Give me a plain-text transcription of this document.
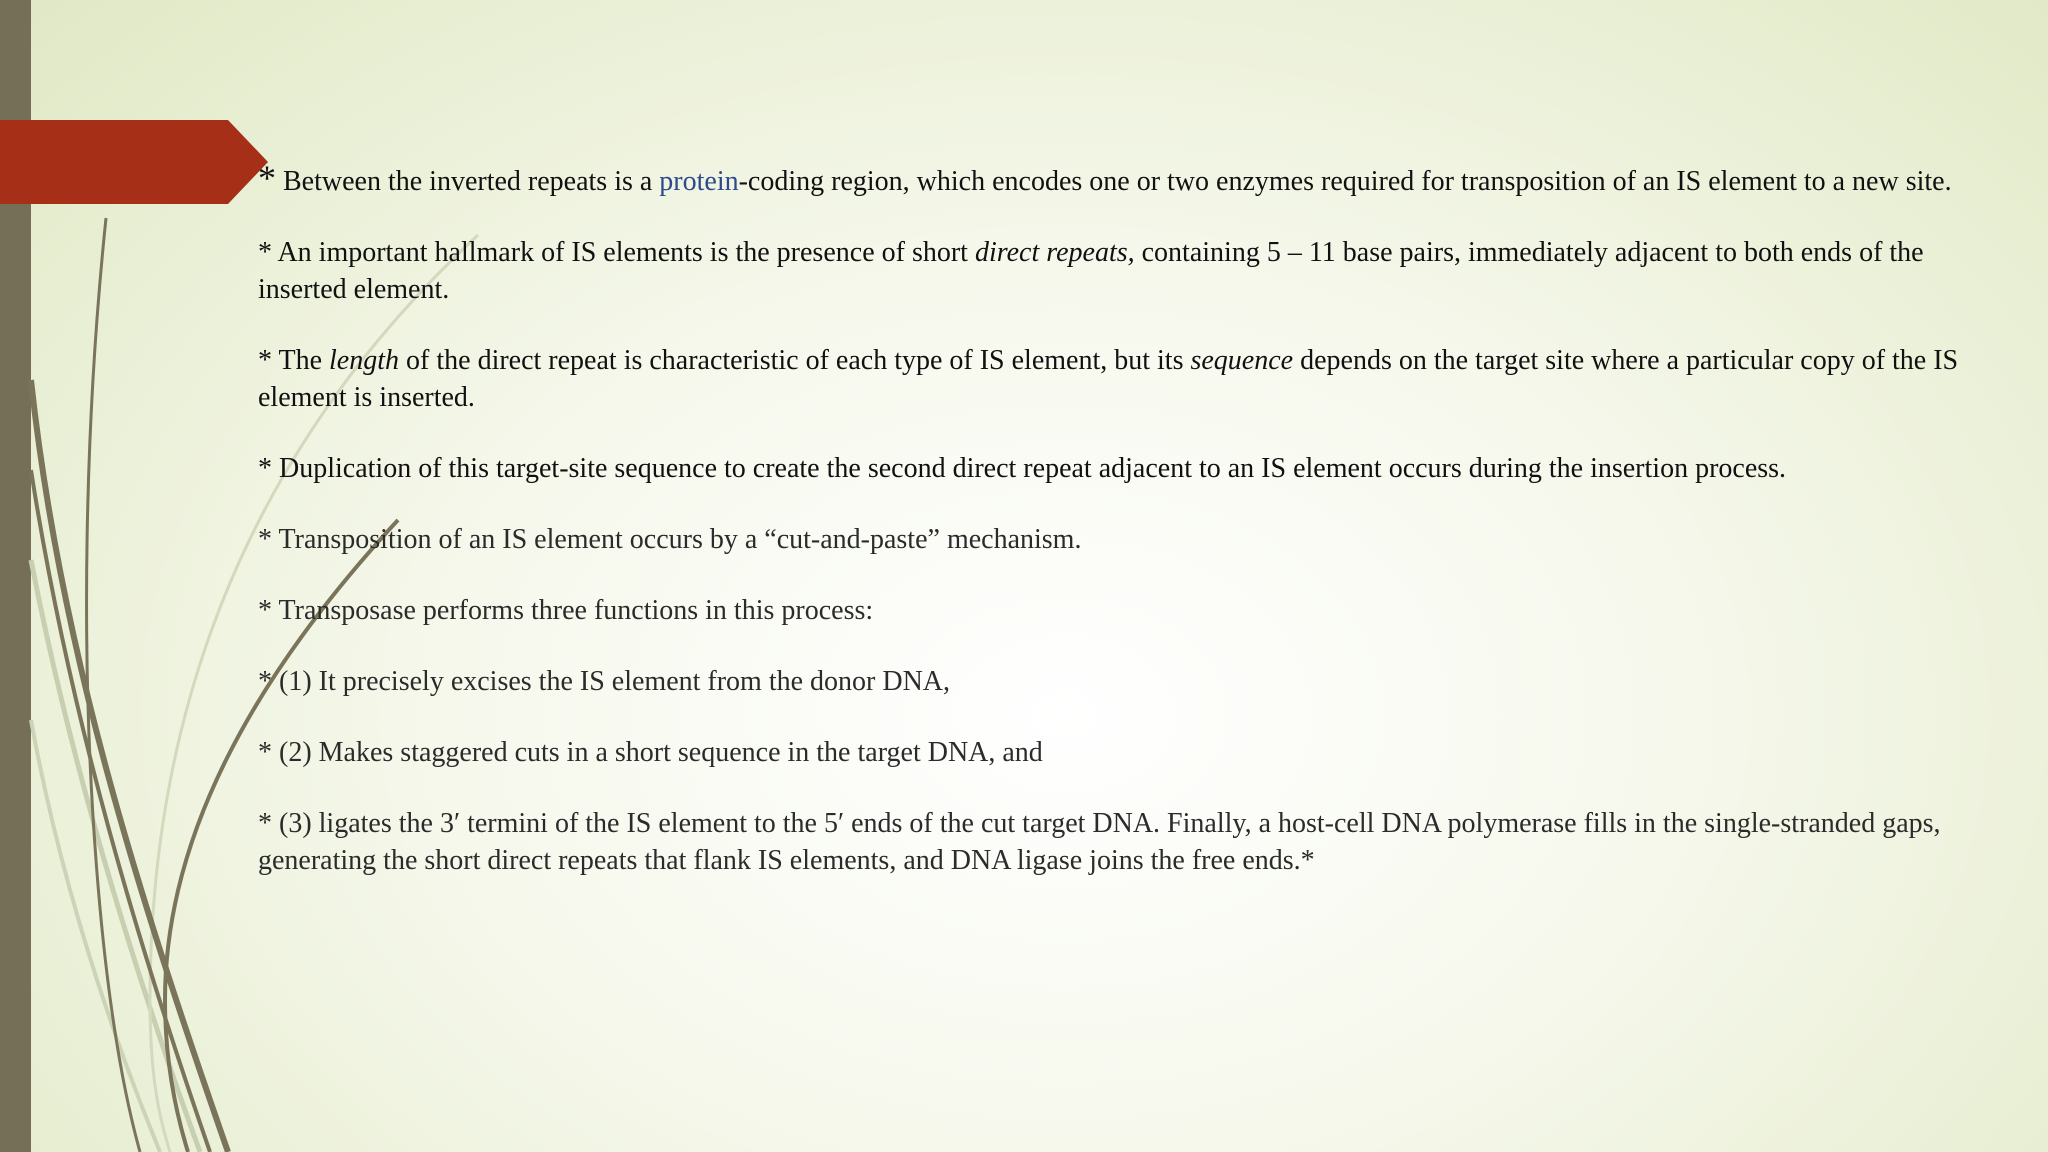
* Between the inverted repeats is a protein-coding region, which encodes one or two enzymes required for transposition of an IS element to a new site.

* An important hallmark of IS elements is the presence of short direct repeats, containing 5 – 11 base pairs, immediately adjacent to both ends of the inserted element.

* The length of the direct repeat is characteristic of each type of IS element, but its sequence depends on the target site where a particular copy of the IS element is inserted.

* Duplication of this target-site sequence to create the second direct repeat adjacent to an IS element occurs during the insertion process.

* Transposition of an IS element occurs by a “cut-and-paste” mechanism.

* Transposase performs three functions in this process:

* (1) It precisely excises the IS element from the donor DNA,

* (2) Makes staggered cuts in a short sequence in the target DNA, and

* (3) ligates the 3′ termini of the IS element to the 5′ ends of the cut target DNA. Finally, a host-cell DNA polymerase fills in the single-stranded gaps, generating the short direct repeats that flank IS elements, and DNA ligase joins the free ends.*
